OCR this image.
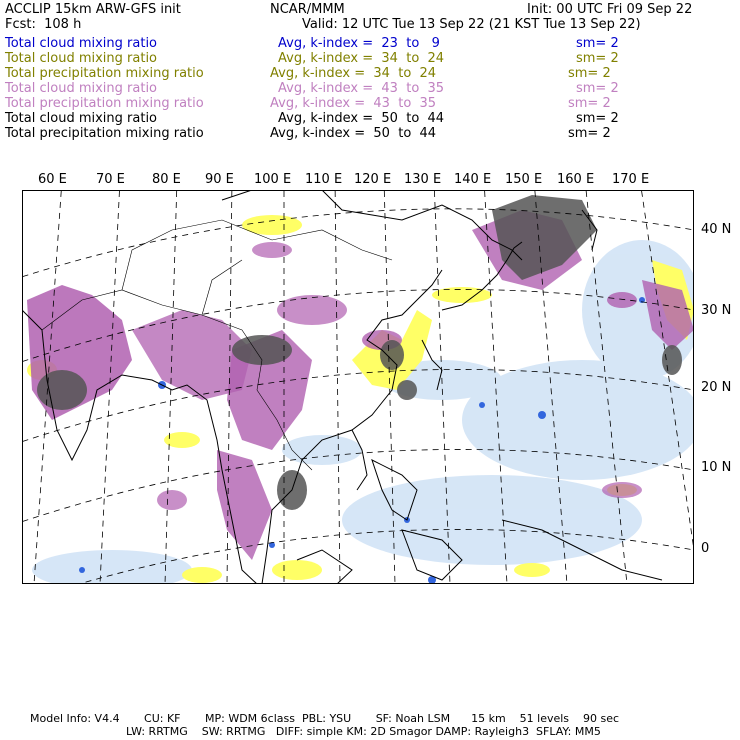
ACCLIP 15km ARW-GFS init	NCAR/MMM	Init: 00 UTC Fri 09 Sep 22
Fcst:  108 h	Valid: 12 UTC Tue 13 Sep 22 (21 KST Tue 13 Sep 22)
Total cloud mixing ratio	Avg, k-index =  23  to   9	sm= 2
Total cloud mixing ratio	Avg, k-index =  34  to  24	sm= 2
Total precipitation mixing ratio	Avg, k-index =  34  to  24	sm= 2
Total cloud mixing ratio	Avg, k-index =  43  to  35	sm= 2
Total precipitation mixing ratio	Avg, k-index =  43  to  35	sm= 2
Total cloud mixing ratio	Avg, k-index =  50  to  44	sm= 2
Total precipitation mixing ratio	Avg, k-index =  50  to  44	sm= 2
60 E 70 E 80 E 90 E 100 E 110 E 120 E 130 E 140 E 150 E 160 E 170 E
40 N
30 N
20 N
10 N
0
Model Info: V4.4       CU: KF       MP: WDM 6class  PBL: YSU       SF: Noah LSM      15 km    51 levels    90 sec
LW: RRTMG    SW: RRTMG   DIFF: simple KM: 2D Smagor DAMP: Rayleigh3  SFLAY: MM5
